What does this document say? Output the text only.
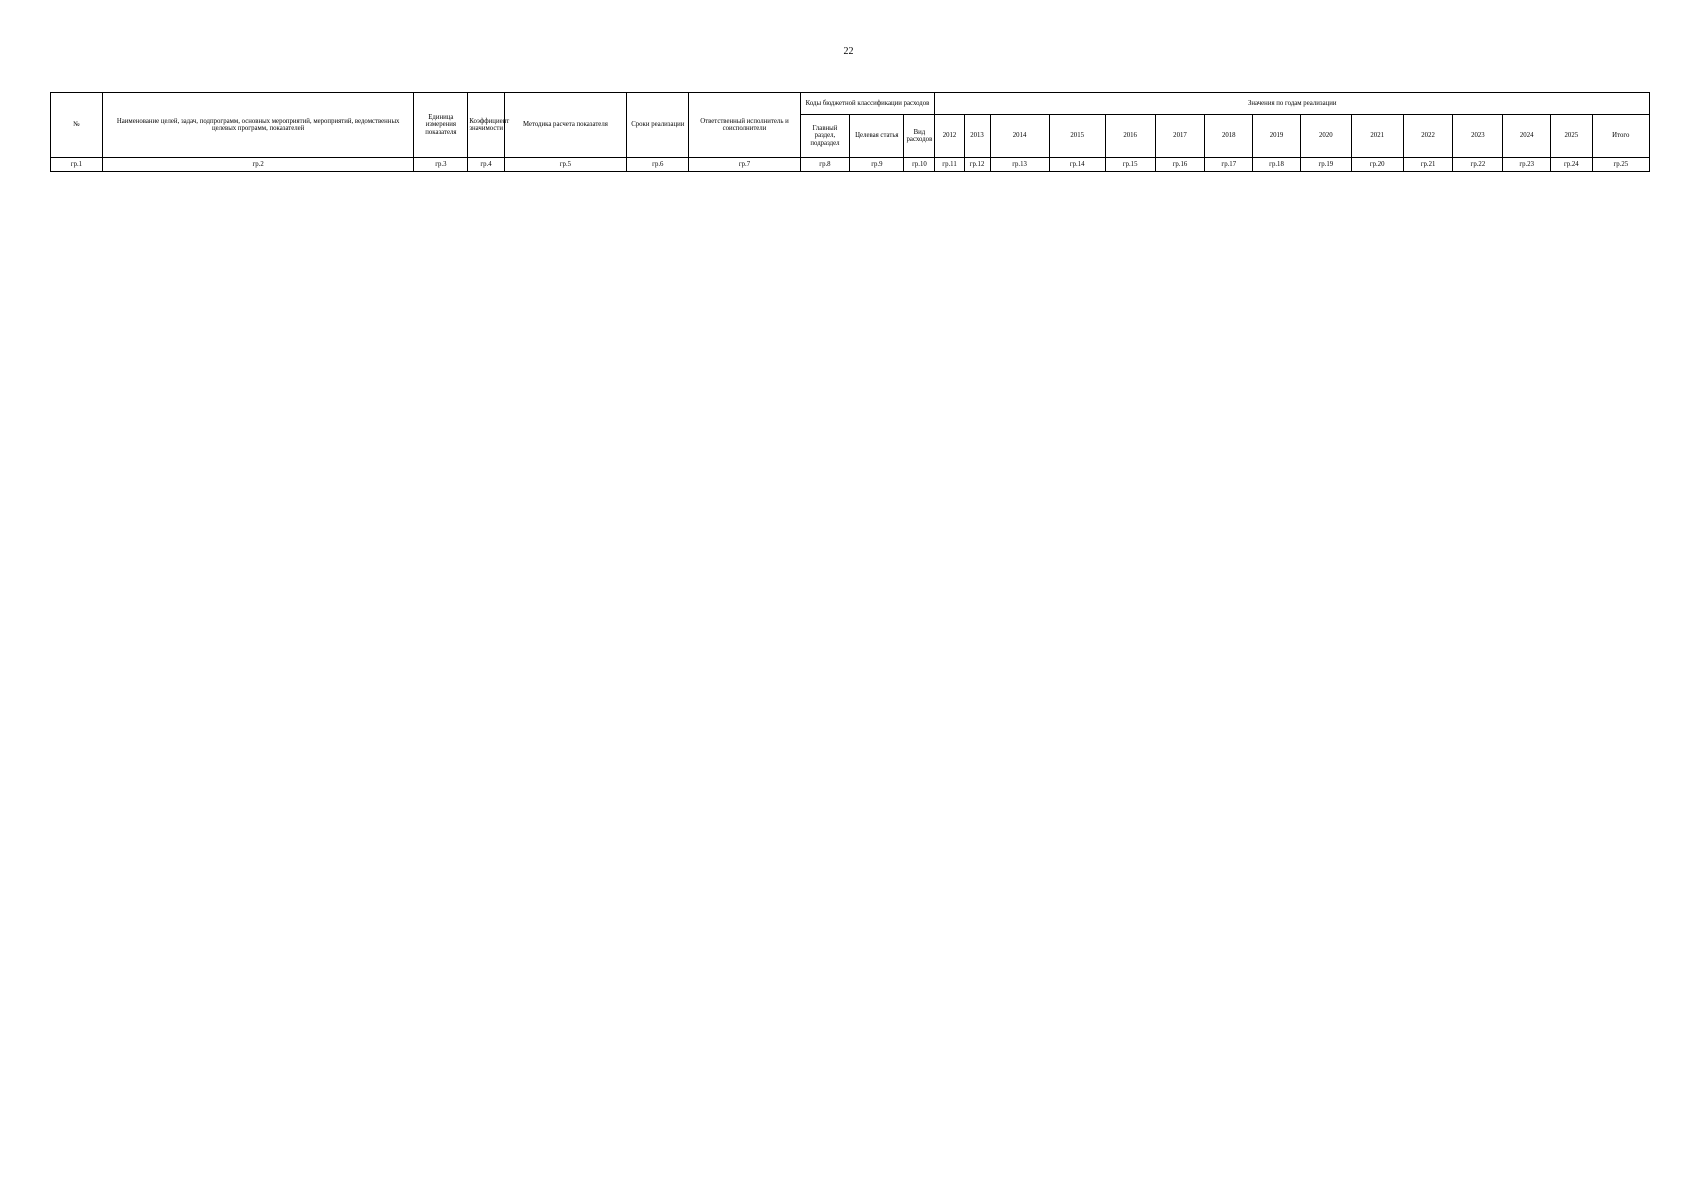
22
№	Наименование целей, задач, подпрограмм, основных мероприятий, мероприятий, ведомственных целевых программ, показателей	Единица измерения показателя	Коэффициент значимости	Методика расчета показателя	Сроки реализации	Ответственный исполнитель и соисполнители	Коды бюджетной классификации расходов			Значения по годам реализации														
							Главный раздел, подраздел	Целевая статья	Вид расходов	2012	2013	2014	2015	2016	2017	2018	2019	2020	2021	2022	2023	2024	2025	Итого
гр.1	гр.2	гр.3	гр.4	гр.5	гр.6	гр.7	гр.8	гр.9	гр.10	гр.11	гр.12	гр.13	гр.14	гр.15	гр.16	гр.17	гр.18	гр.19	гр.20	гр.21	гр.22	гр.23	гр.24	гр.25
